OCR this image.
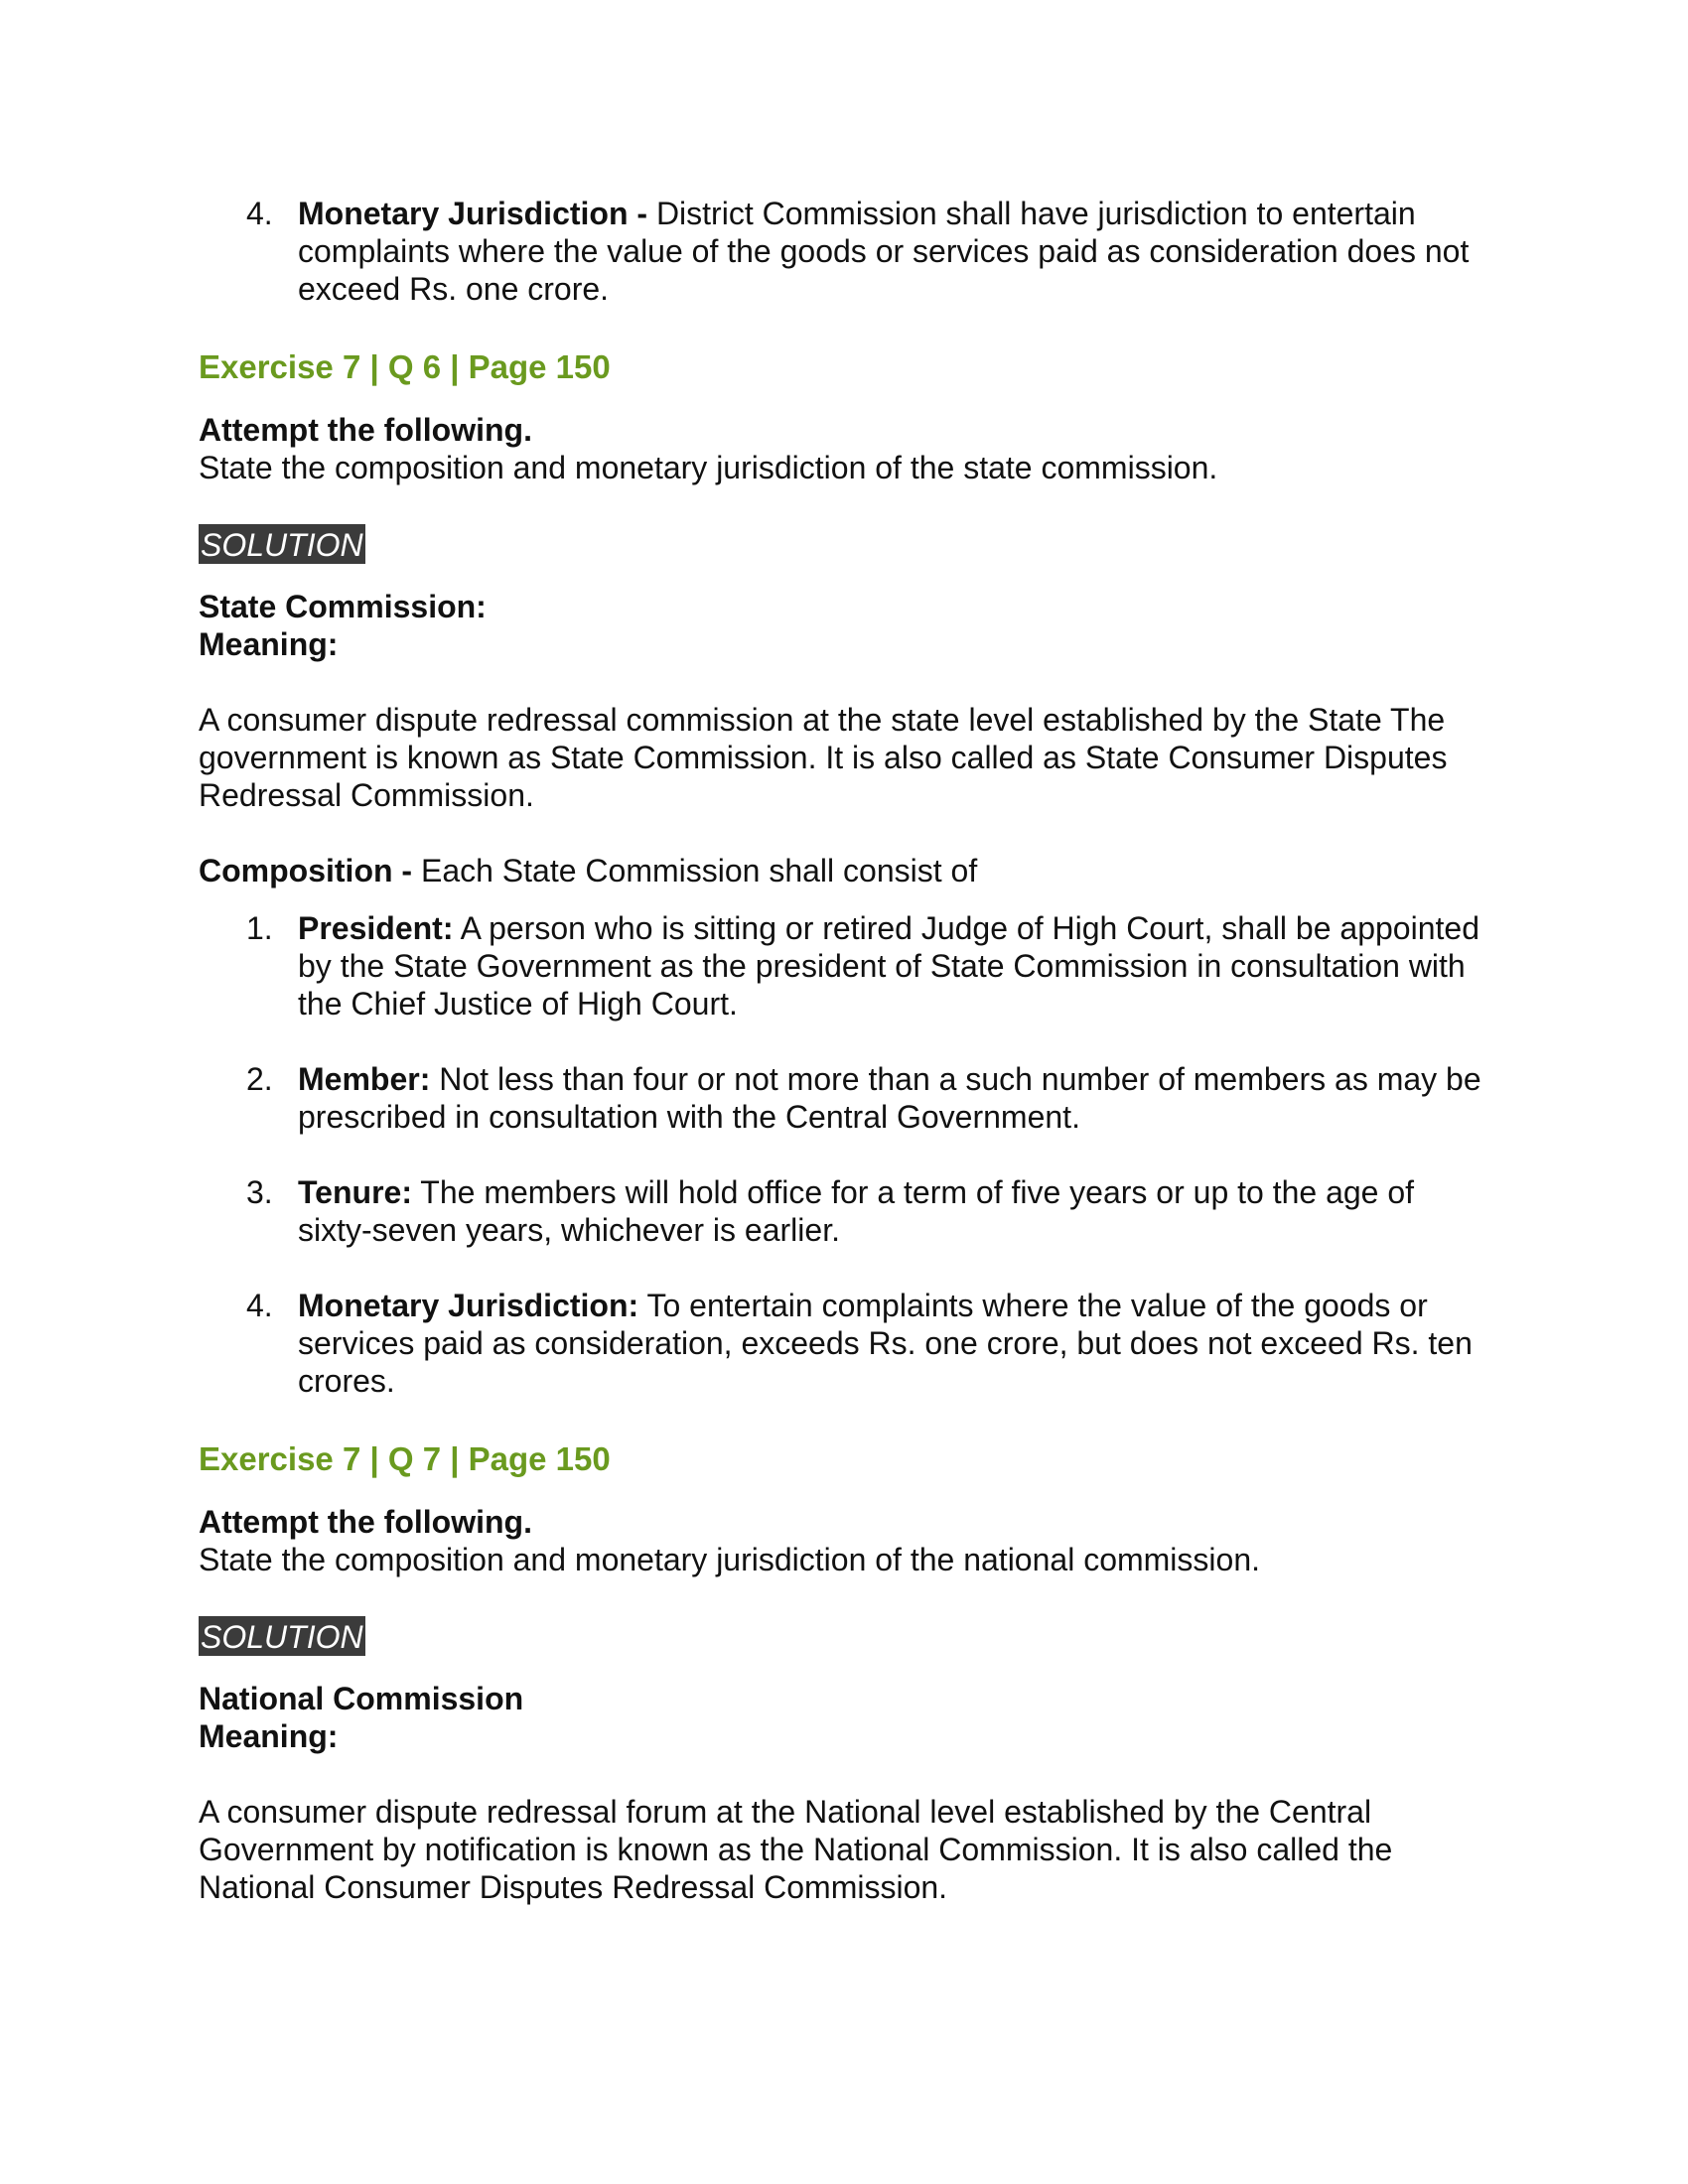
4. Monetary Jurisdiction - District Commission shall have jurisdiction to entertain complaints where the value of the goods or services paid as consideration does not exceed Rs. one crore.
Exercise 7 | Q 6 | Page 150

Attempt the following.

State the composition and monetary jurisdiction of the state commission.

SOLUTION

State Commission:

Meaning:

A consumer dispute redressal commission at the state level established by the State The government is known as State Commission. It is also called as State Consumer Disputes Redressal Commission.

Composition - Each State Commission shall consist of

1. President: A person who is sitting or retired Judge of High Court, shall be appointed by the State Government as the president of State Commission in consultation with the Chief Justice of High Court.
2. Member: Not less than four or not more than a such number of members as may be prescribed in consultation with the Central Government.
3. Tenure: The members will hold office for a term of five years or up to the age of sixty-seven years, whichever is earlier.
4. Monetary Jurisdiction: To entertain complaints where the value of the goods or services paid as consideration, exceeds Rs. one crore, but does not exceed Rs. ten crores.
Exercise 7 | Q 7 | Page 150

Attempt the following.

State the composition and monetary jurisdiction of the national commission.

SOLUTION

National Commission

Meaning:

A consumer dispute redressal forum at the National level established by the Central Government by notification is known as the National Commission. It is also called the National Consumer Disputes Redressal Commission.
